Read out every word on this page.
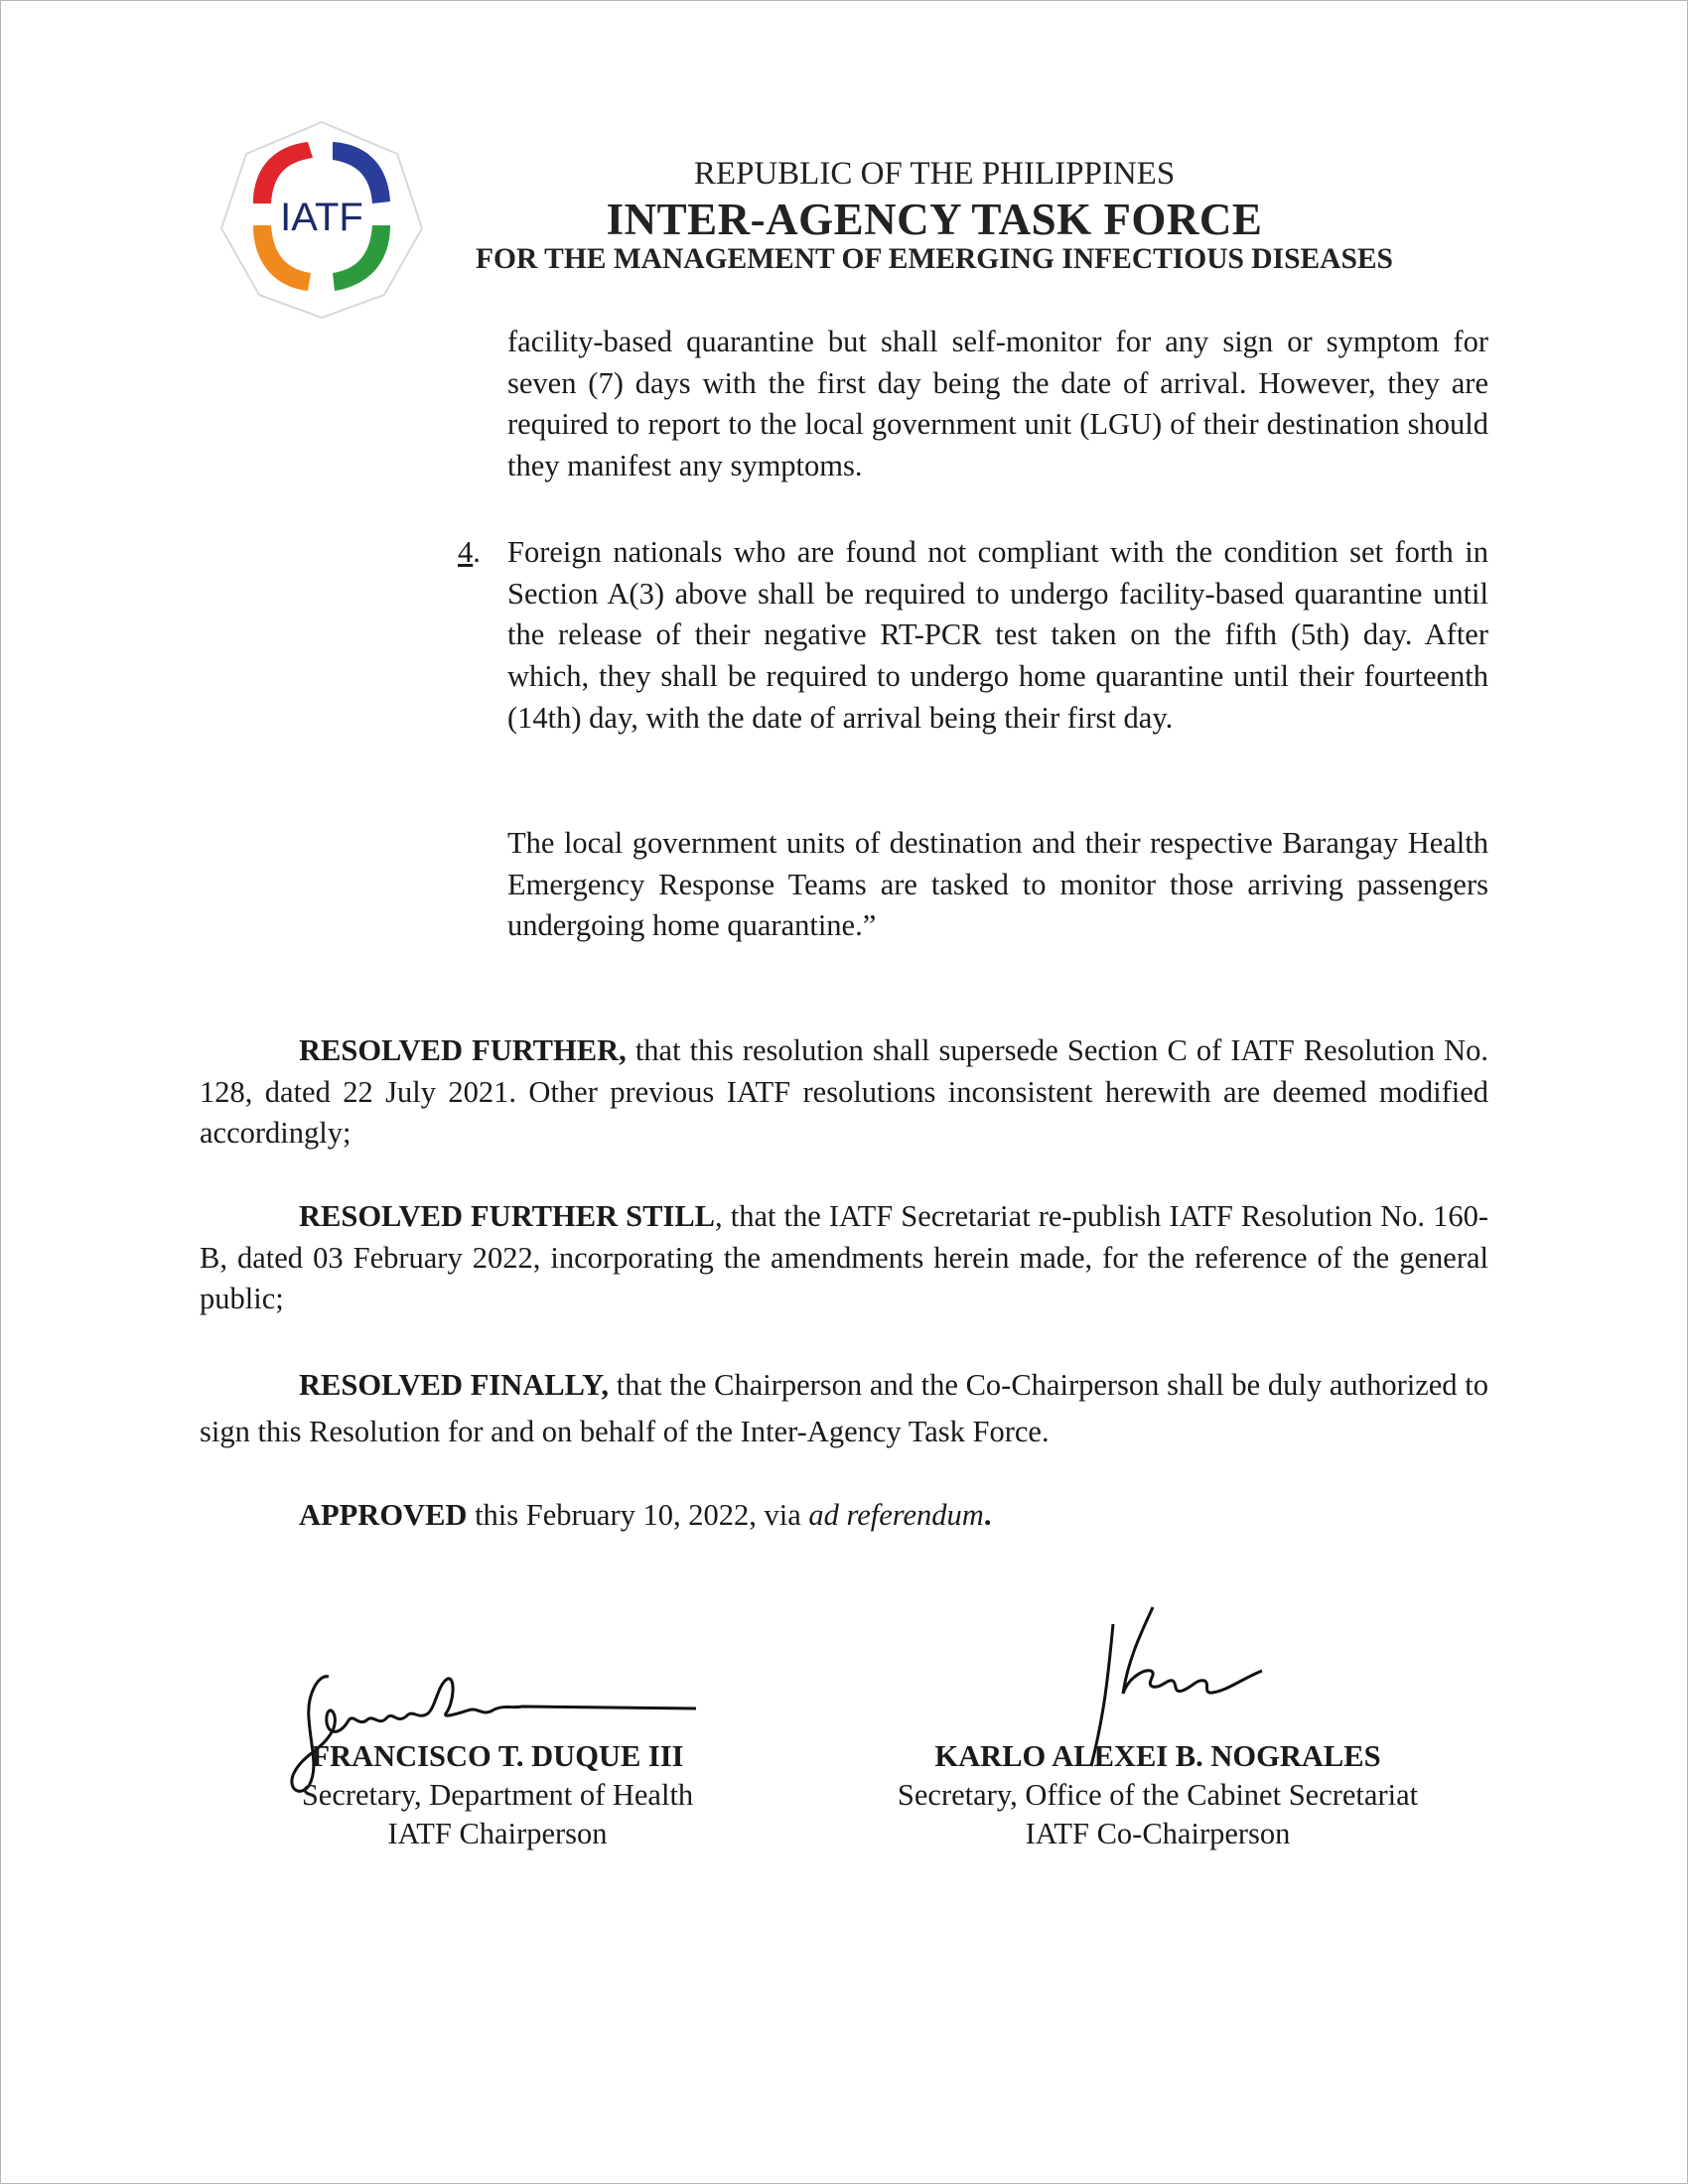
IATF
REPUBLIC OF THE PHILIPPINES
INTER-AGENCY TASK FORCE
FOR THE MANAGEMENT OF EMERGING INFECTIOUS DISEASES

facility-based quarantine but shall self-monitor for any sign or symptom for seven (7) days with the first day being the date of arrival. However, they are required to report to the local government unit (LGU) of their destination should they manifest any symptoms.

4. Foreign nationals who are found not compliant with the condition set forth in Section A(3) above shall be required to undergo facility-based quarantine until the release of their negative RT-PCR test taken on the fifth (5th) day. After which, they shall be required to undergo home quarantine until their fourteenth (14th) day, with the date of arrival being their first day.

The local government units of destination and their respective Barangay Health Emergency Response Teams are tasked to monitor those arriving passengers undergoing home quarantine.”

RESOLVED FURTHER, that this resolution shall supersede Section C of IATF Resolution No. 128, dated 22 July 2021. Other previous IATF resolutions inconsistent herewith are deemed modified accordingly;

RESOLVED FURTHER STILL, that the IATF Secretariat re-publish IATF Resolution No. 160-B, dated 03 February 2022, incorporating the amendments herein made, for the reference of the general public;

RESOLVED FINALLY, that the Chairperson and the Co-Chairperson shall be duly authorized to sign this Resolution for and on behalf of the Inter-Agency Task Force.

APPROVED this February 10, 2022, via ad referendum.
FRANCISCO T. DUQUE III
Secretary, Department of Health
IATF Chairperson
KARLO ALEXEI B. NOGRALES
Secretary, Office of the Cabinet Secretariat
IATF Co-Chairperson
